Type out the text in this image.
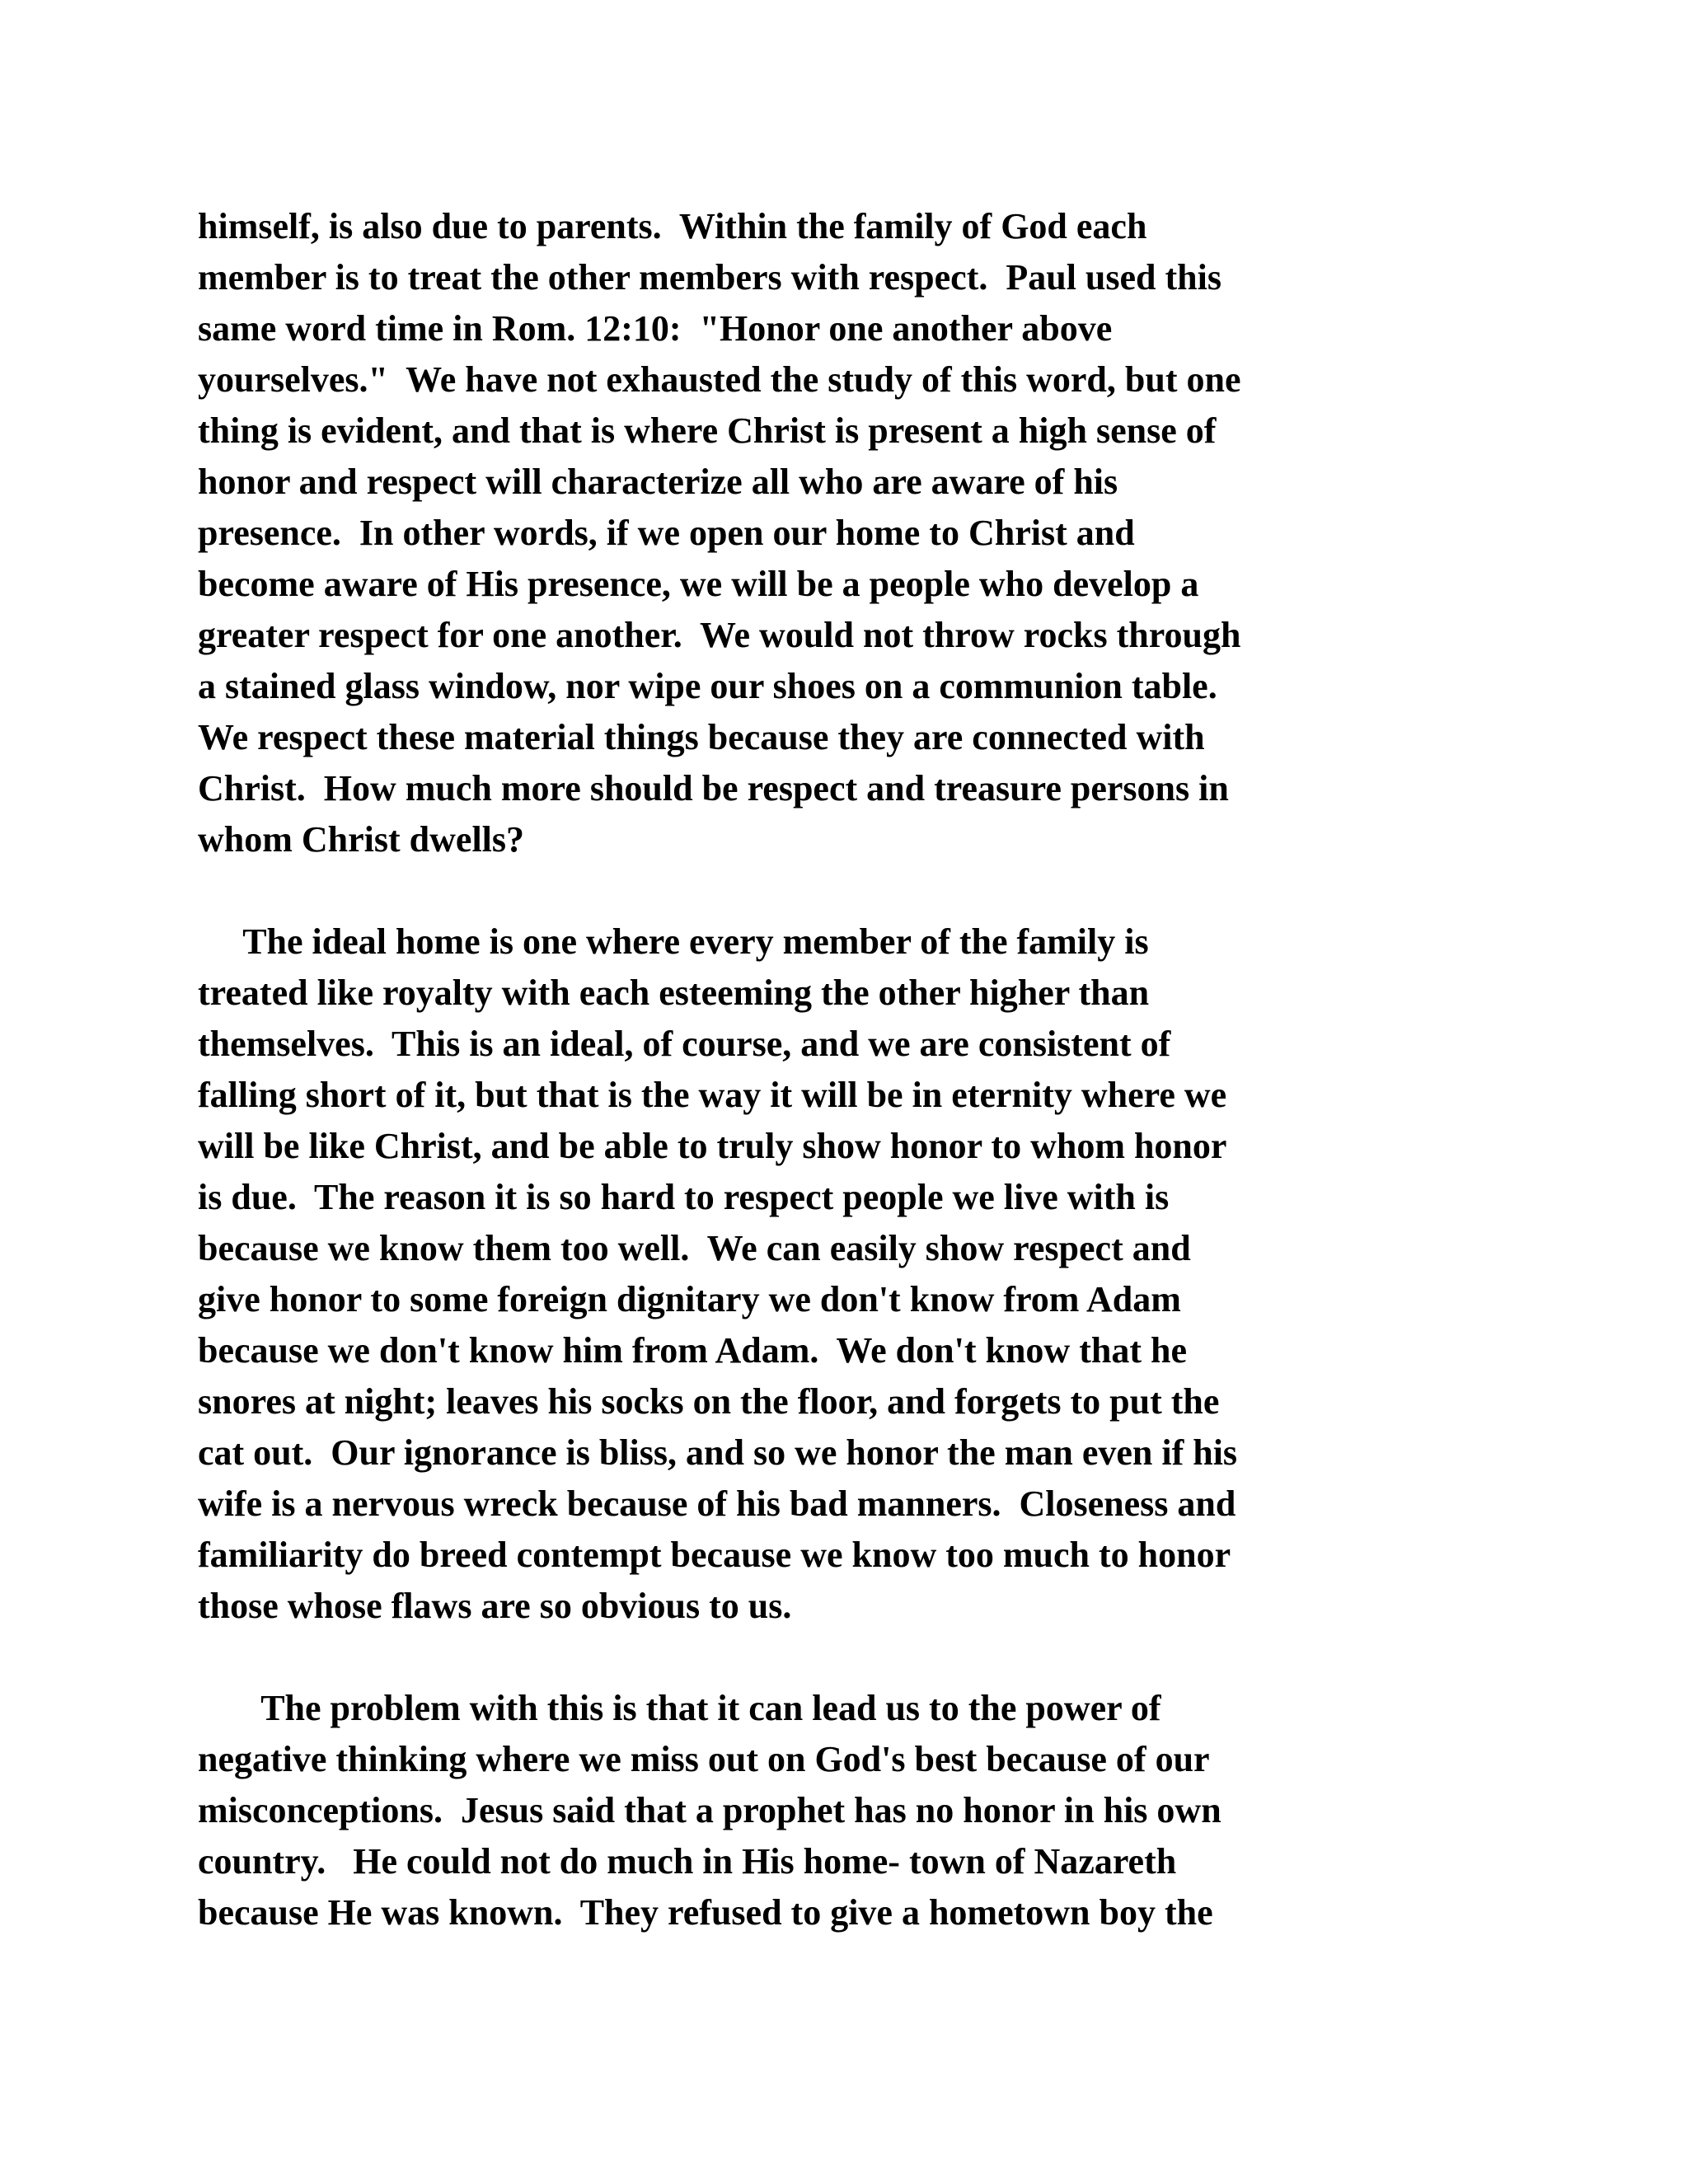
himself, is also due to parents.  Within the family of God each

member is to treat the other members with respect.  Paul used this

same word time in Rom. 12:10:  "Honor one another above

yourselves."  We have not exhausted the study of this word, but one

thing is evident, and that is where Christ is present a high sense of

honor and respect will characterize all who are aware of his

presence.  In other words, if we open our home to Christ and

become aware of His presence, we will be a people who develop a

greater respect for one another.  We would not throw rocks through

a stained glass window, nor wipe our shoes on a communion table.

We respect these material things because they are connected with

Christ.  How much more should be respect and treasure persons in

whom Christ dwells?

The ideal home is one where every member of the family is

treated like royalty with each esteeming the other higher than

themselves.  This is an ideal, of course, and we are consistent of

falling short of it, but that is the way it will be in eternity where we

will be like Christ, and be able to truly show honor to whom honor

is due.  The reason it is so hard to respect people we live with is

because we know them too well.  We can easily show respect and

give honor to some foreign dignitary we don't know from Adam

because we don't know him from Adam.  We don't know that he

snores at night; leaves his socks on the floor, and forgets to put the

cat out.  Our ignorance is bliss, and so we honor the man even if his

wife is a nervous wreck because of his bad manners.  Closeness and

familiarity do breed contempt because we know too much to honor

those whose flaws are so obvious to us.

The problem with this is that it can lead us to the power of

negative thinking where we miss out on God's best because of our

misconceptions.  Jesus said that a prophet has no honor in his own

country.   He could not do much in His home- town of Nazareth

because He was known.  They refused to give a hometown boy the
